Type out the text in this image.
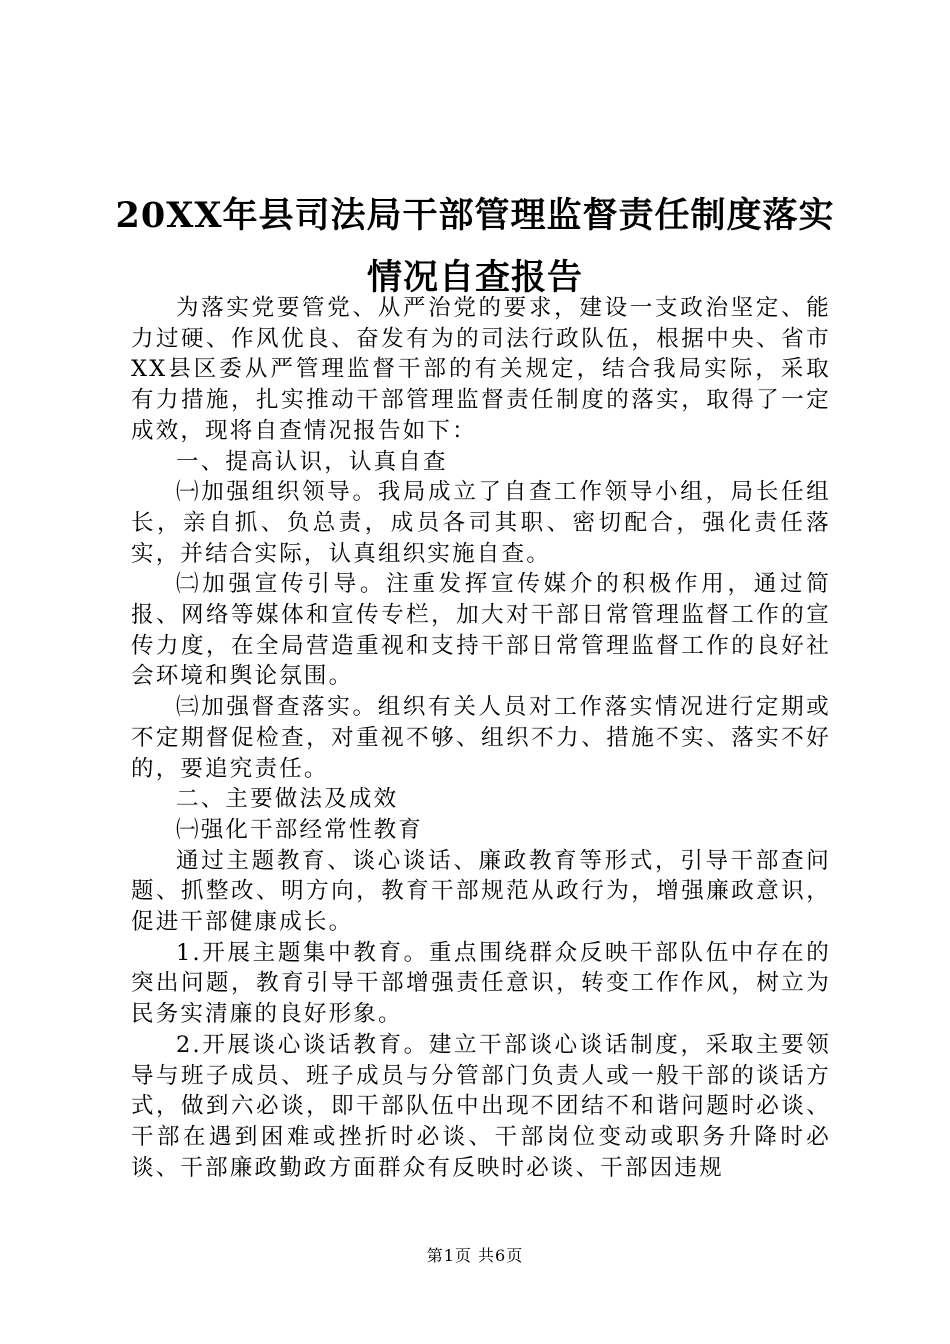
20XX年县司法局干部管理监督责任制度落实
情况自查报告

为落实党要管党、从严治党的要求，建设一支政治坚定、能力过硬、作风优良、奋发有为的司法行政队伍，根据中央、省市XX县区委从严管理监督干部的有关规定，结合我局实际，采取有力措施，扎实推动干部管理监督责任制度的落实，取得了一定成效，现将自查情况报告如下：

一、提高认识，认真自查

㈠加强组织领导。我局成立了自查工作领导小组，局长任组长，亲自抓、负总责，成员各司其职、密切配合，强化责任落实，并结合实际，认真组织实施自查。

㈡加强宣传引导。注重发挥宣传媒介的积极作用，通过简报、网络等媒体和宣传专栏，加大对干部日常管理监督工作的宣传力度，在全局营造重视和支持干部日常管理监督工作的良好社会环境和舆论氛围。

㈢加强督查落实。组织有关人员对工作落实情况进行定期或不定期督促检查，对重视不够、组织不力、措施不实、落实不好的，要追究责任。

二、主要做法及成效

㈠强化干部经常性教育

通过主题教育、谈心谈话、廉政教育等形式，引导干部查问题、抓整改、明方向，教育干部规范从政行为，增强廉政意识，促进干部健康成长。

1.开展主题集中教育。重点围绕群众反映干部队伍中存在的突出问题，教育引导干部增强责任意识，转变工作作风，树立为民务实清廉的良好形象。

2.开展谈心谈话教育。建立干部谈心谈话制度，采取主要领导与班子成员、班子成员与分管部门负责人或一般干部的谈话方式，做到六必谈，即干部队伍中出现不团结不和谐问题时必谈、干部在遇到困难或挫折时必谈、干部岗位变动或职务升降时必谈、干部廉政勤政方面群众有反映时必谈、干部因违规

第1页 共6页
